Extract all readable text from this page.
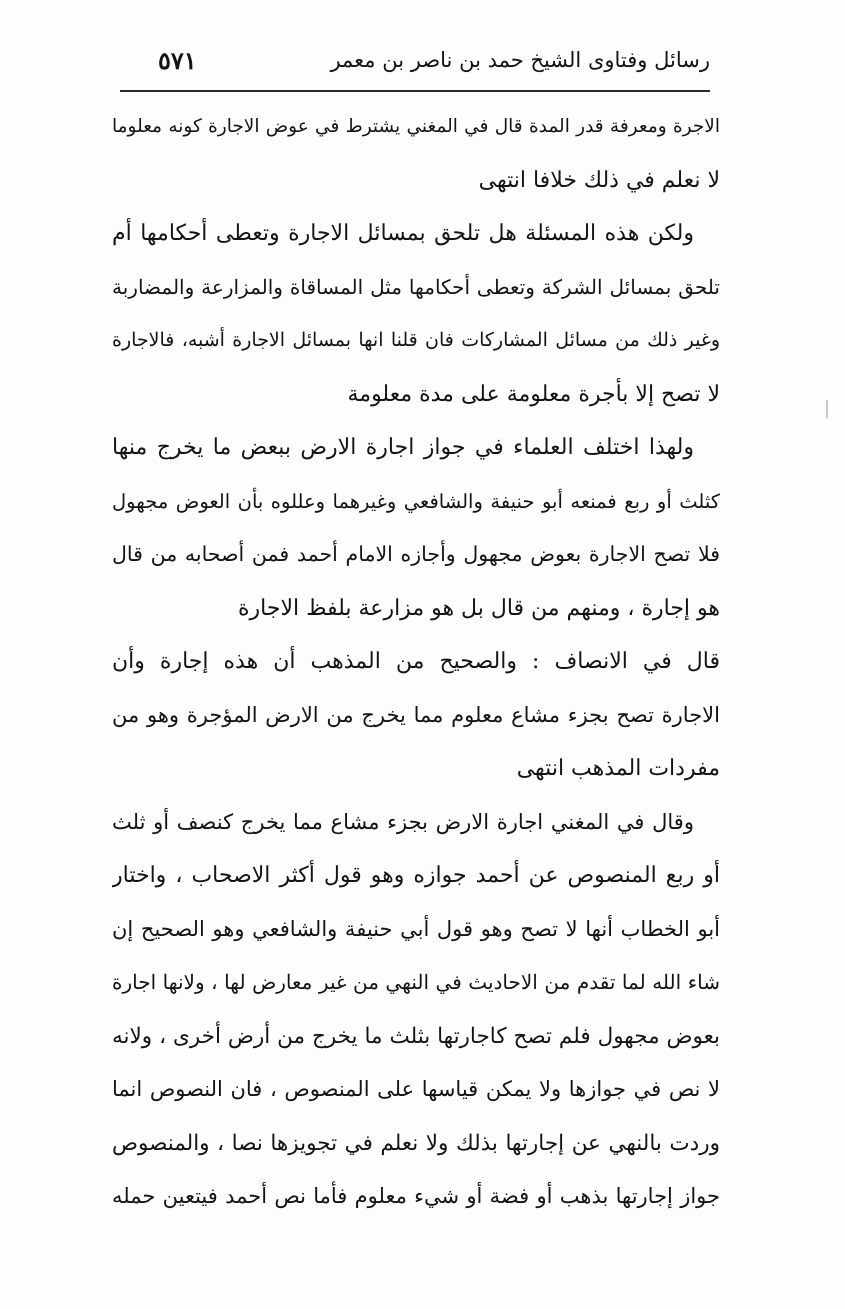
رسائل وفتاوى الشيخ حمد بن ناصر بن معمر
٥٧١
الاجرة ومعرفة قدر المدة قال في المغني يشترط في عوض الاجارة كونه معلوما
لا نعلم في ذلك خلافا انتهى
ولكن هذه المسئلة هل تلحق بمسائل الاجارة وتعطى أحكامها أم
تلحق بمسائل الشركة وتعطى أحكامها مثل المساقاة والمزارعة والمضاربة
وغير ذلك من مسائل المشاركات فان قلنا انها بمسائل الاجارة أشبه، فالاجارة
لا تصح إلا بأجرة معلومة على مدة معلومة
ولهذا اختلف العلماء في جواز اجارة الارض ببعض ما يخرج منها
كثلث أو ربع فمنعه أبو حنيفة والشافعي وغيرهما وعللوه بأن العوض مجهول
فلا تصح الاجارة بعوض مجهول وأجازه الامام أحمد فمن أصحابه من قال
هو إجارة ، ومنهم من قال بل هو مزارعة بلفظ الاجارة
قال في الانصاف : والصحيح من المذهب أن هذه إجارة وأن
الاجارة تصح بجزء مشاع معلوم مما يخرج من الارض المؤجرة وهو من
مفردات المذهب انتهى
وقال في المغني اجارة الارض بجزء مشاع مما يخرج كنصف أو ثلث
أو ربع المنصوص عن أحمد جوازه وهو قول أكثر الاصحاب ، واختار
أبو الخطاب أنها لا تصح وهو قول أبي حنيفة والشافعي وهو الصحيح إن
شاء الله لما تقدم من الاحاديث في النهي من غير معارض لها ، ولانها اجارة
بعوض مجهول فلم تصح كاجارتها بثلث ما يخرج من أرض أخرى ، ولانه
لا نص في جوازها ولا يمكن قياسها على المنصوص ، فان النصوص انما
وردت بالنهي عن إجارتها بذلك ولا نعلم في تجويزها نصا ، والمنصوص
جواز إجارتها بذهب أو فضة أو شيء معلوم فأما نص أحمد فيتعين حمله
